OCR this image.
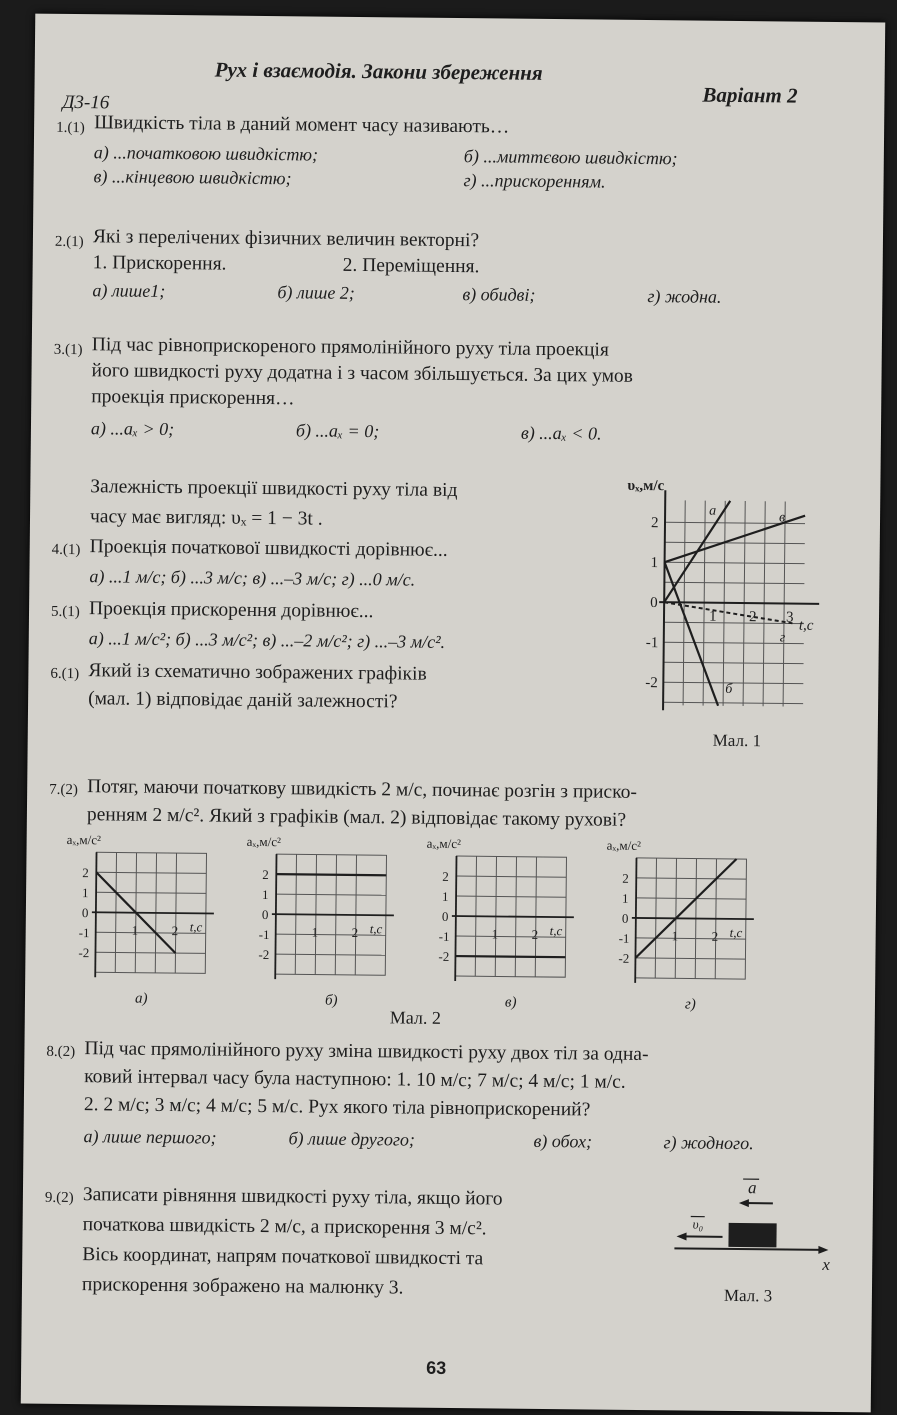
Рух і взаємодія. Закони збереження
Варіант 2
Д3-16
1.(1) Швидкість тіла в даний момент часу називають…
а) ...початковою швидкістю;	б) ...миттєвою швидкістю;
в) ...кінцевою швидкістю;	г) ...прискоренням.
2.(1) Які з перелічених фізичних величин векторні?
1. Прискорення.	2. Переміщення.
а) лише1;	б) лише 2;	в) обидві;	г) жодна.
3.(1) Під час рівноприскореного прямолінійного руху тіла проекція
його швидкості руху додатна і з часом збільшується. За цих умов
проекція прискорення…
а) ...aₓ > 0;	б) ...aₓ = 0;	в) ...aₓ < 0.
Залежність проекції швидкості руху тіла від
часу має вигляд: υₓ = 1 − 3t .
4.(1) Проекція початкової швидкості дорівнює...
а) ...1 м/с; б) ...3 м/с; в) ...–3 м/с; г) ...0 м/с.
5.(1) Проекція прискорення дорівнює...
а) ...1 м/с²; б) ...3 м/с²; в) ...–2 м/с²; г) ...–3 м/с².
6.(1) Який із схематично зображених графіків
(мал. 1) відповідає даній залежності?
υₓ,м/с
t,c
2
1
0
-1
-2
1 2 3
а	в
г
б
Мал. 1
7.(2) Потяг, маючи початкову швидкість 2 м/с, починає розгін з приско-
ренням 2 м/с². Який з графіків (мал. 2) відповідає такому рухові?
aₓ,м/с²
2
1
0
-1
-2
1	2 t,c
а)
aₓ,м/с²
2
1
0
-1
-2
1	2 t,c
б)
aₓ,м/с²
2
1
0
-1
-2
1	2 t,c
в)
aₓ,м/с²
2
1
0
-1
-2
1	2 t,c
г)
Мал. 2
8.(2) Під час прямолінійного руху зміна швидкості руху двох тіл за однa-
ковий інтервал часу була наступною: 1. 10 м/с; 7 м/с; 4 м/с; 1 м/с.
2. 2 м/с; 3 м/с; 4 м/с; 5 м/с. Рух якого тіла рівноприскорений?
а) лише першого;	б) лише другого;	в) обох;	г) жодного.
9.(2) Записати рівняння швидкості руху тіла, якщо його
початкова швидкість 2 м/с, а прискорення 3 м/с².
Вісь координат, напрям початкової швидкості та
прискорення зображено на малюнку 3.
a
υ₀
x
Мал. 3
63
